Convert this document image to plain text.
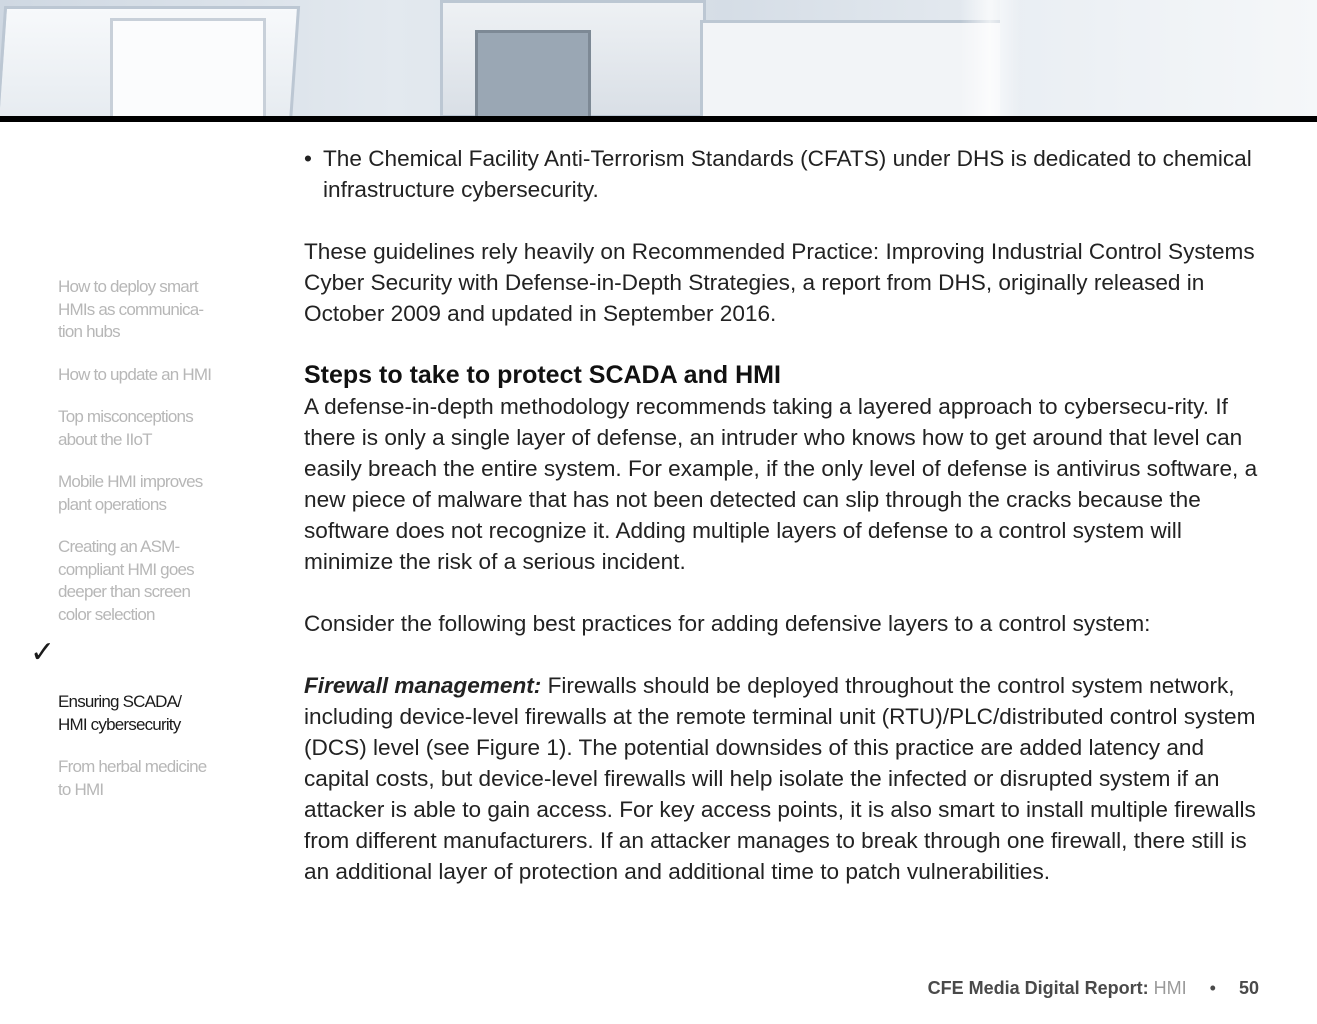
How to deploy smart
HMIs as communica-
tion hubs
How to update an HMI
Top misconceptions
about the IIoT
Mobile HMI improves
plant operations
Creating an ASM-
compliant HMI goes
deeper than screen
color selection

✓

Ensuring SCADA/
HMI cybersecurity

From herbal medicine
to HMI

• The Chemical Facility Anti-Terrorism Standards (CFATS) under DHS is dedicated to chemical infrastructure cybersecurity.

These guidelines rely heavily on Recommended Practice: Improving Industrial Control Systems Cyber Security with Defense-in-Depth Strategies, a report from DHS, originally released in October 2009 and updated in September 2016.

Steps to take to protect SCADA and HMI

A defense-in-depth methodology recommends taking a layered approach to cybersecu-rity. If there is only a single layer of defense, an intruder who knows how to get around that level can easily breach the entire system. For example, if the only level of defense is antivirus software, a new piece of malware that has not been detected can slip through the cracks because the software does not recognize it. Adding multiple layers of defense to a control system will minimize the risk of a serious incident.

Consider the following best practices for adding defensive layers to a control system:

Firewall management: Firewalls should be deployed throughout the control system network, including device-level firewalls at the remote terminal unit (RTU)/PLC/distributed control system (DCS) level (see Figure 1). The potential downsides of this practice are added latency and capital costs, but device-level firewalls will help isolate the infected or disrupted system if an attacker is able to gain access. For key access points, it is also smart to install multiple firewalls from different manufacturers. If an attacker manages to break through one firewall, there still is an additional layer of protection and additional time to patch vulnerabilities.

CFE Media Digital Report: HMI • 50
